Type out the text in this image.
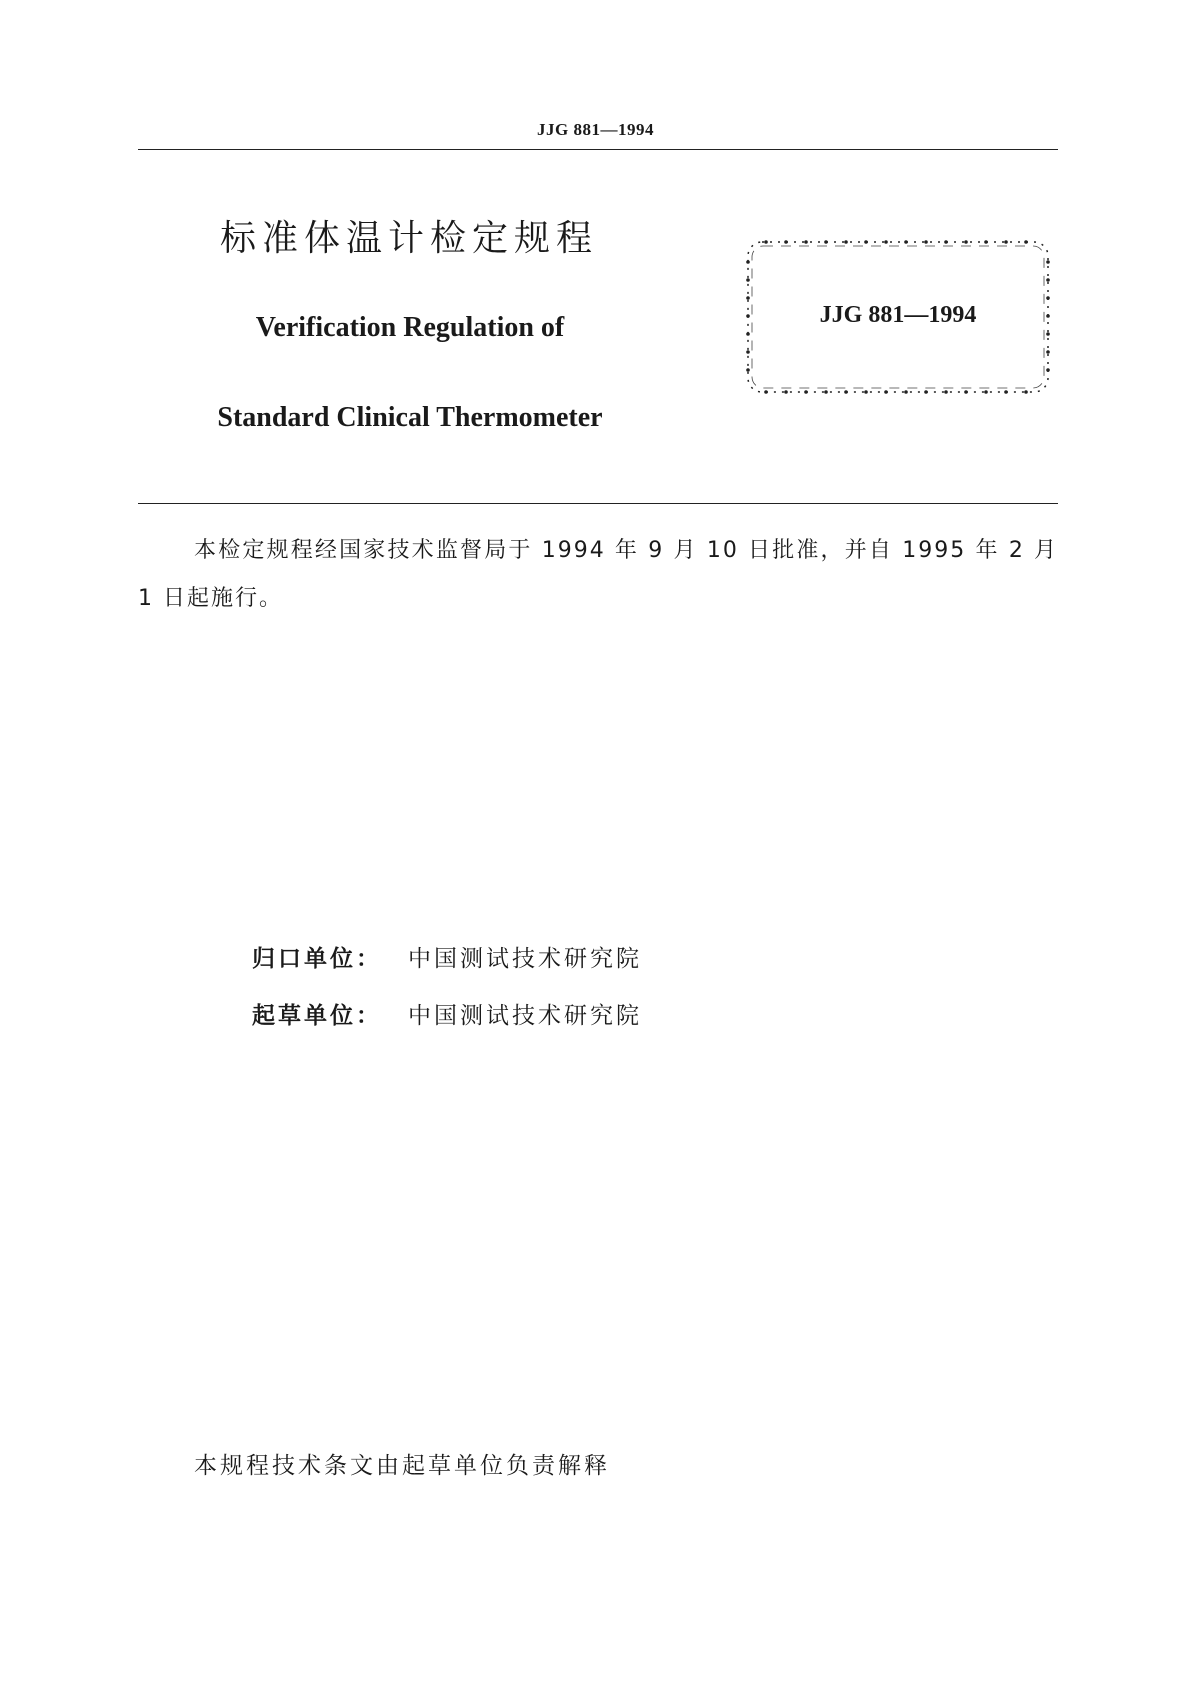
JJG 881—1994
标准体温计检定规程
Verification Regulation of
Standard Clinical Thermometer
JJG 881—1994
本检定规程经国家技术监督局于 1994 年 9 月 10 日批准，并自 1995 年 2 月 1 日起施行。
归口单位： 中国测试技术研究院
起草单位： 中国测试技术研究院
本规程技术条文由起草单位负责解释
